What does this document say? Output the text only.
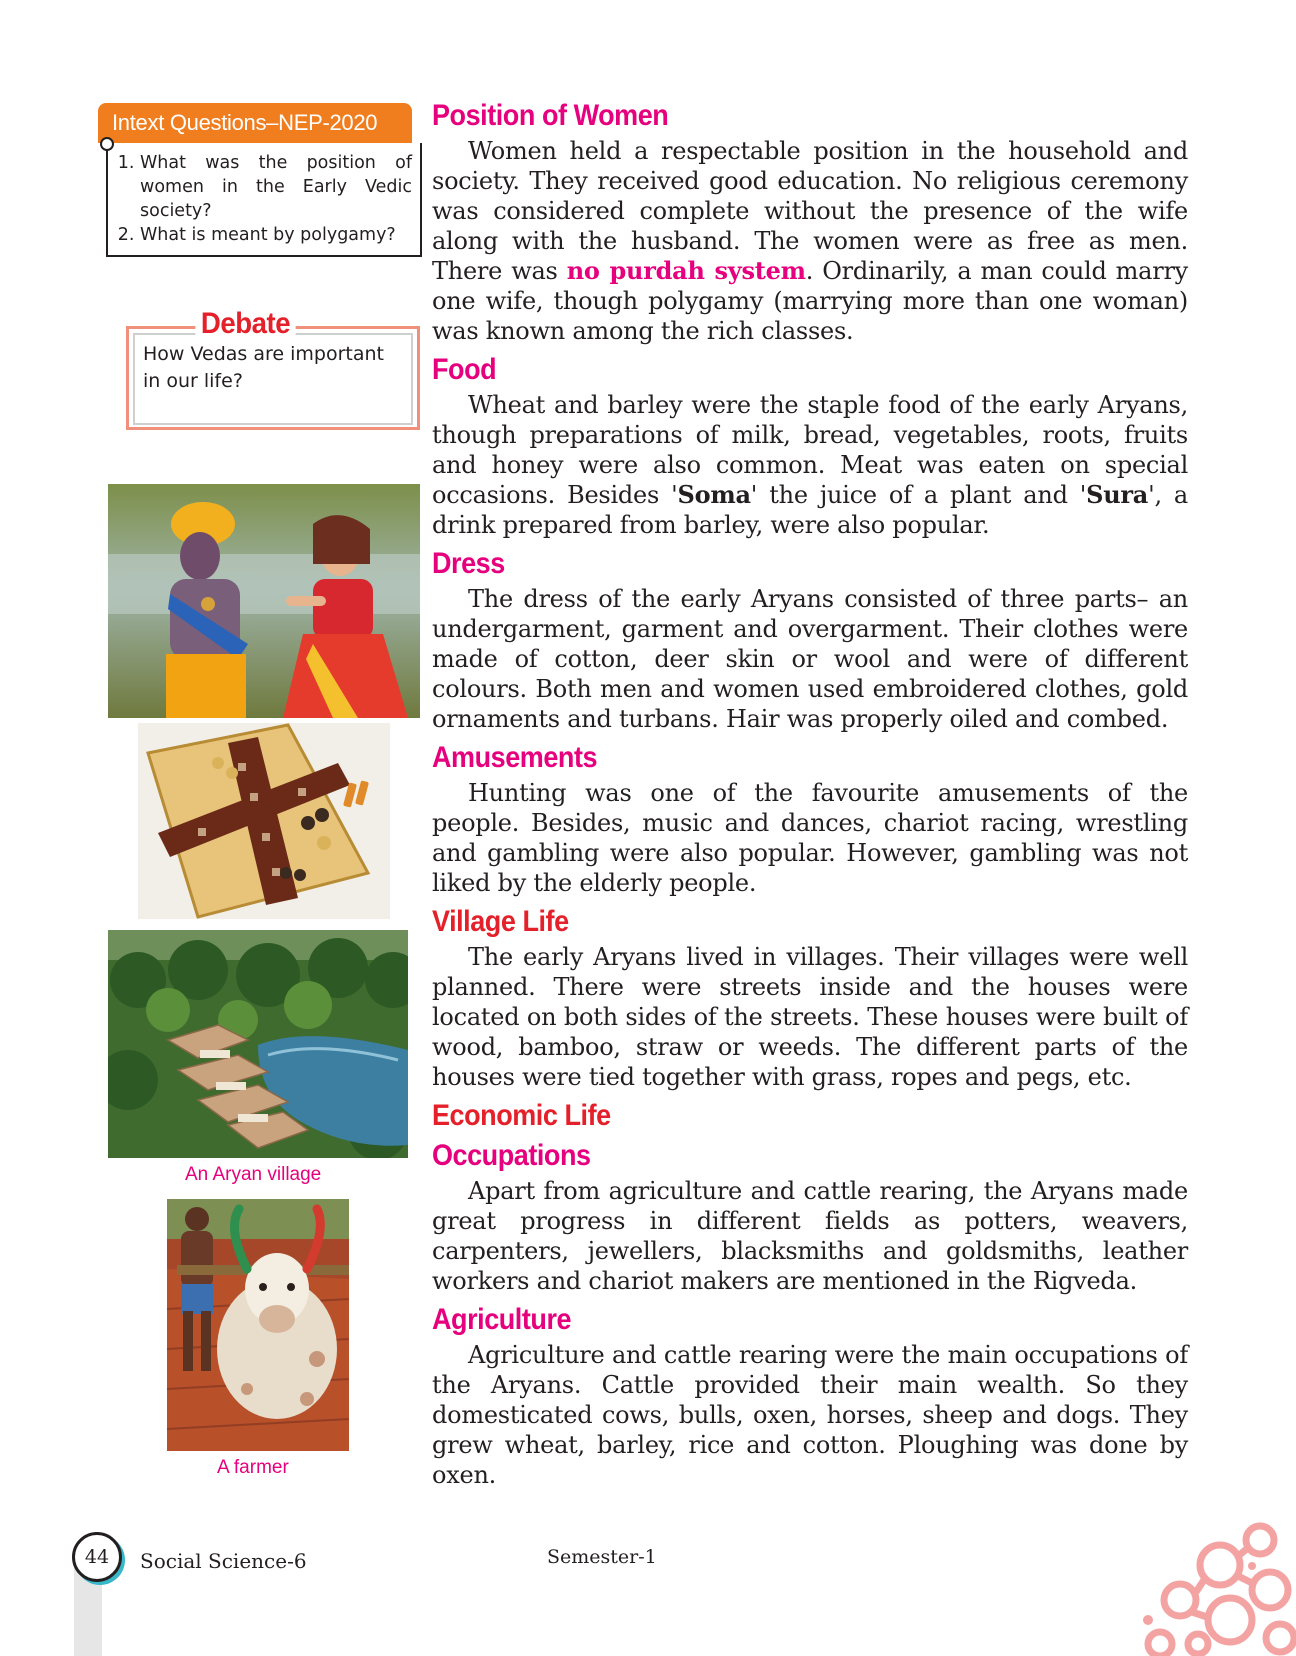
Intext Questions–NEP-2020
1. What was the position of women in the Early Vedic society?
2. What is meant by polygamy?
Debate
How Vedas are important in our life?
An Aryan village
A farmer
Position of Women

Women held a respectable position in the household and society. They received good education. No religious ceremony was considered complete without the presence of the wife along with the husband. The women were as free as men. There was no purdah system. Ordinarily, a man could marry one wife, though polygamy (marrying more than one woman) was known among the rich classes.

Food

Wheat and barley were the staple food of the early Aryans, though preparations of milk, bread, vegetables, roots, fruits and honey were also common. Meat was eaten on special occasions. Besides 'Soma' the juice of a plant and 'Sura', a drink prepared from barley, were also popular.

Dress

The dress of the early Aryans consisted of three parts– an undergarment, garment and overgarment. Their clothes were made of cotton, deer skin or wool and were of different colours. Both men and women used embroidered clothes, gold ornaments and turbans. Hair was properly oiled and combed.

Amusements

Hunting was one of the favourite amusements of the people. Besides, music and dances, chariot racing, wrestling and gambling were also popular. However, gambling was not liked by the elderly people.

Village Life

The early Aryans lived in villages. Their villages were well planned. There were streets inside and the houses were located on both sides of the streets. These houses were built of wood, bamboo, straw or weeds. The different parts of the houses were tied together with grass, ropes and pegs, etc.

Economic Life
Occupations

Apart from agriculture and cattle rearing, the Aryans made great progress in different fields as potters, weavers, carpenters, jewellers, blacksmiths and goldsmiths, leather workers and chariot makers are mentioned in the Rigveda.

Agriculture

Agriculture and cattle rearing were the main occupations of the Aryans. Cattle provided their main wealth. So they domesticated cows, bulls, oxen, horses, sheep and dogs. They grew wheat, barley, rice and cotton. Ploughing was done by oxen.

44	Social Science-6	Semester-1
